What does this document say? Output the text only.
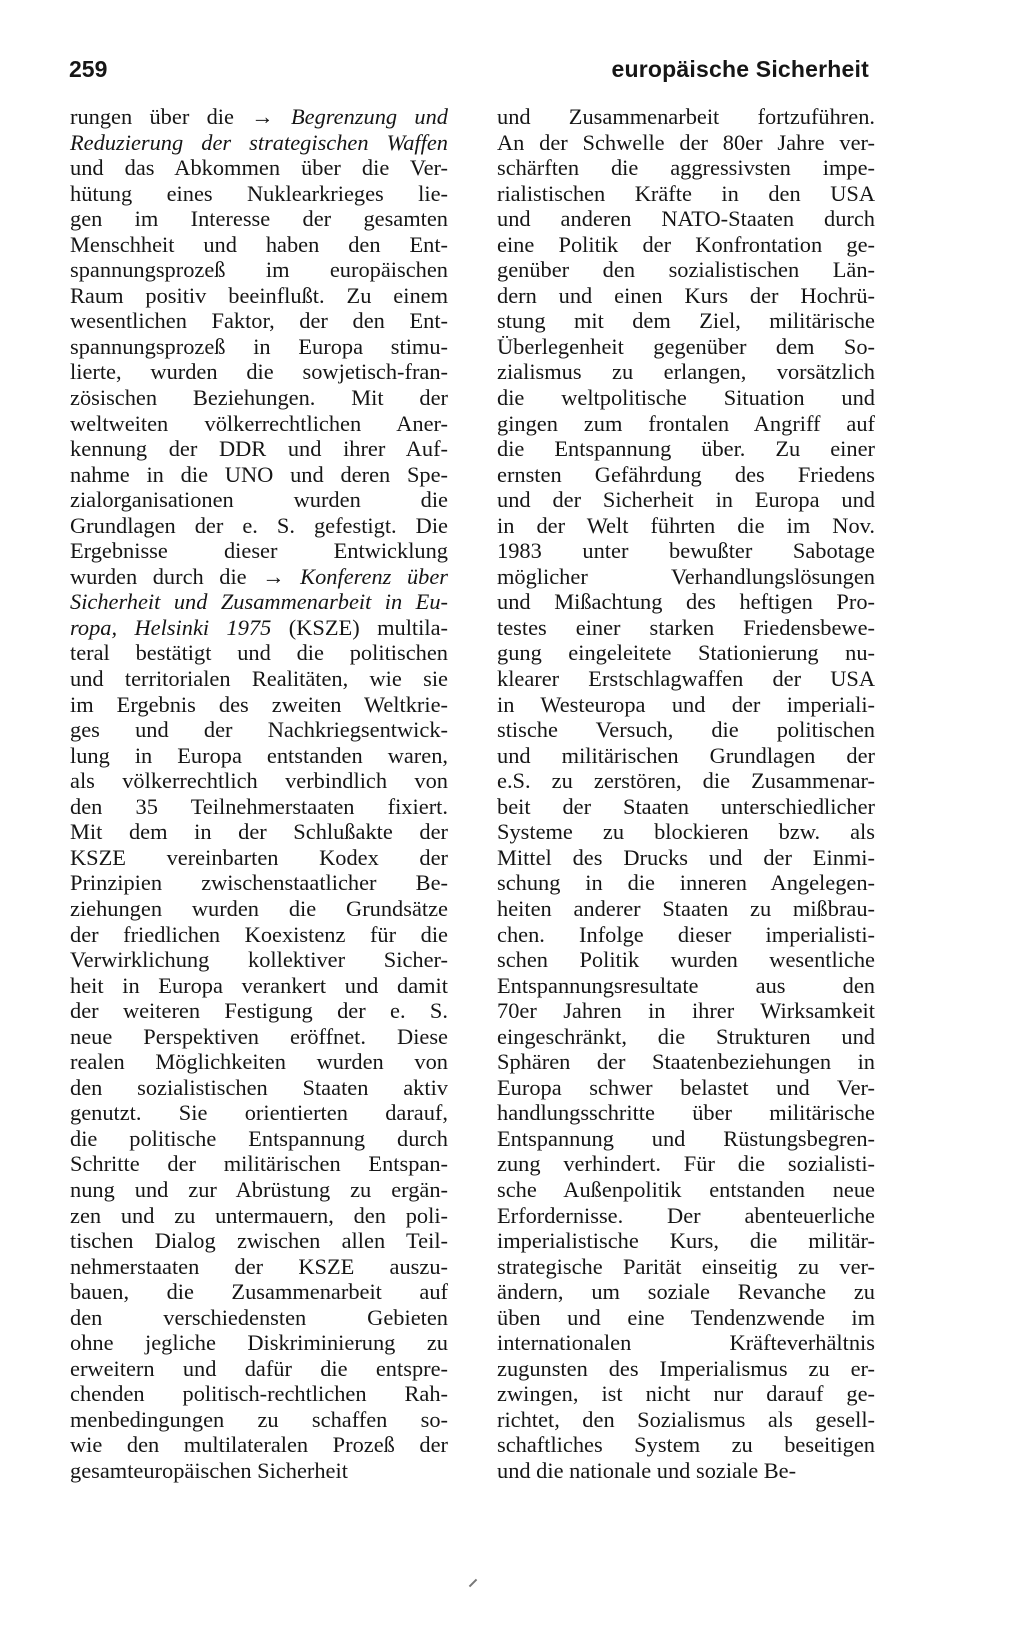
259	europäische Sicherheit
rungen über die → Begrenzung und
Reduzierung der strategischen Waffen
und das Abkommen über die Ver-
hütung eines Nuklearkrieges lie-
gen im Interesse der gesamten
Menschheit und haben den Ent-
spannungsprozeß im europäischen
Raum positiv beeinflußt. Zu einem
wesentlichen Faktor, der den Ent-
spannungsprozeß in Europa stimu-
lierte, wurden die sowjetisch-fran-
zösischen Beziehungen. Mit der
weltweiten völkerrechtlichen Aner-
kennung der DDR und ihrer Auf-
nahme in die UNO und deren Spe-
zialorganisationen wurden die
Grundlagen der e. S. gefestigt. Die
Ergebnisse dieser Entwicklung
wurden durch die → Konferenz über
Sicherheit und Zusammenarbeit in Eu-
ropa, Helsinki 1975 (KSZE) multila-
teral bestätigt und die politischen
und territorialen Realitäten, wie sie
im Ergebnis des zweiten Weltkrie-
ges und der Nachkriegsentwick-
lung in Europa entstanden waren,
als völkerrechtlich verbindlich von
den 35 Teilnehmerstaaten fixiert.
Mit dem in der Schlußakte der
KSZE vereinbarten Kodex der
Prinzipien zwischenstaatlicher Be-
ziehungen wurden die Grundsätze
der friedlichen Koexistenz für die
Verwirklichung kollektiver Sicher-
heit in Europa verankert und damit
der weiteren Festigung der e. S.
neue Perspektiven eröffnet. Diese
realen Möglichkeiten wurden von
den sozialistischen Staaten aktiv
genutzt. Sie orientierten darauf,
die politische Entspannung durch
Schritte der militärischen Entspan-
nung und zur Abrüstung zu ergän-
zen und zu untermauern, den poli-
tischen Dialog zwischen allen Teil-
nehmerstaaten der KSZE auszu-
bauen, die Zusammenarbeit auf
den verschiedensten Gebieten
ohne jegliche Diskriminierung zu
erweitern und dafür die entspre-
chenden politisch-rechtlichen Rah-
menbedingungen zu schaffen so-
wie den multilateralen Prozeß der
gesamteuropäischen Sicherheit
und Zusammenarbeit fortzuführen.
An der Schwelle der 80er Jahre ver-
schärften die aggressivsten impe-
rialistischen Kräfte in den USA
und anderen NATO-Staaten durch
eine Politik der Konfrontation ge-
genüber den sozialistischen Län-
dern und einen Kurs der Hochrü-
stung mit dem Ziel, militärische
Überlegenheit gegenüber dem So-
zialismus zu erlangen, vorsätzlich
die weltpolitische Situation und
gingen zum frontalen Angriff auf
die Entspannung über. Zu einer
ernsten Gefährdung des Friedens
und der Sicherheit in Europa und
in der Welt führten die im Nov.
1983 unter bewußter Sabotage
möglicher Verhandlungslösungen
und Mißachtung des heftigen Pro-
testes einer starken Friedensbewe-
gung eingeleitete Stationierung nu-
klearer Erstschlagwaffen der USA
in Westeuropa und der imperiali-
stische Versuch, die politischen
und militärischen Grundlagen der
e.S. zu zerstören, die Zusammenar-
beit der Staaten unterschiedlicher
Systeme zu blockieren bzw. als
Mittel des Drucks und der Einmi-
schung in die inneren Angelegen-
heiten anderer Staaten zu mißbrau-
chen. Infolge dieser imperialisti-
schen Politik wurden wesentliche
Entspannungsresultate aus den
70er Jahren in ihrer Wirksamkeit
eingeschränkt, die Strukturen und
Sphären der Staatenbeziehungen in
Europa schwer belastet und Ver-
handlungsschritte über militärische
Entspannung und Rüstungsbegren-
zung verhindert. Für die sozialisti-
sche Außenpolitik entstanden neue
Erfordernisse. Der abenteuerliche
imperialistische Kurs, die militär-
strategische Parität einseitig zu ver-
ändern, um soziale Revanche zu
üben und eine Tendenzwende im
internationalen Kräfteverhältnis
zugunsten des Imperialismus zu er-
zwingen, ist nicht nur darauf ge-
richtet, den Sozialismus als gesell-
schaftliches System zu beseitigen
und die nationale und soziale Be-
